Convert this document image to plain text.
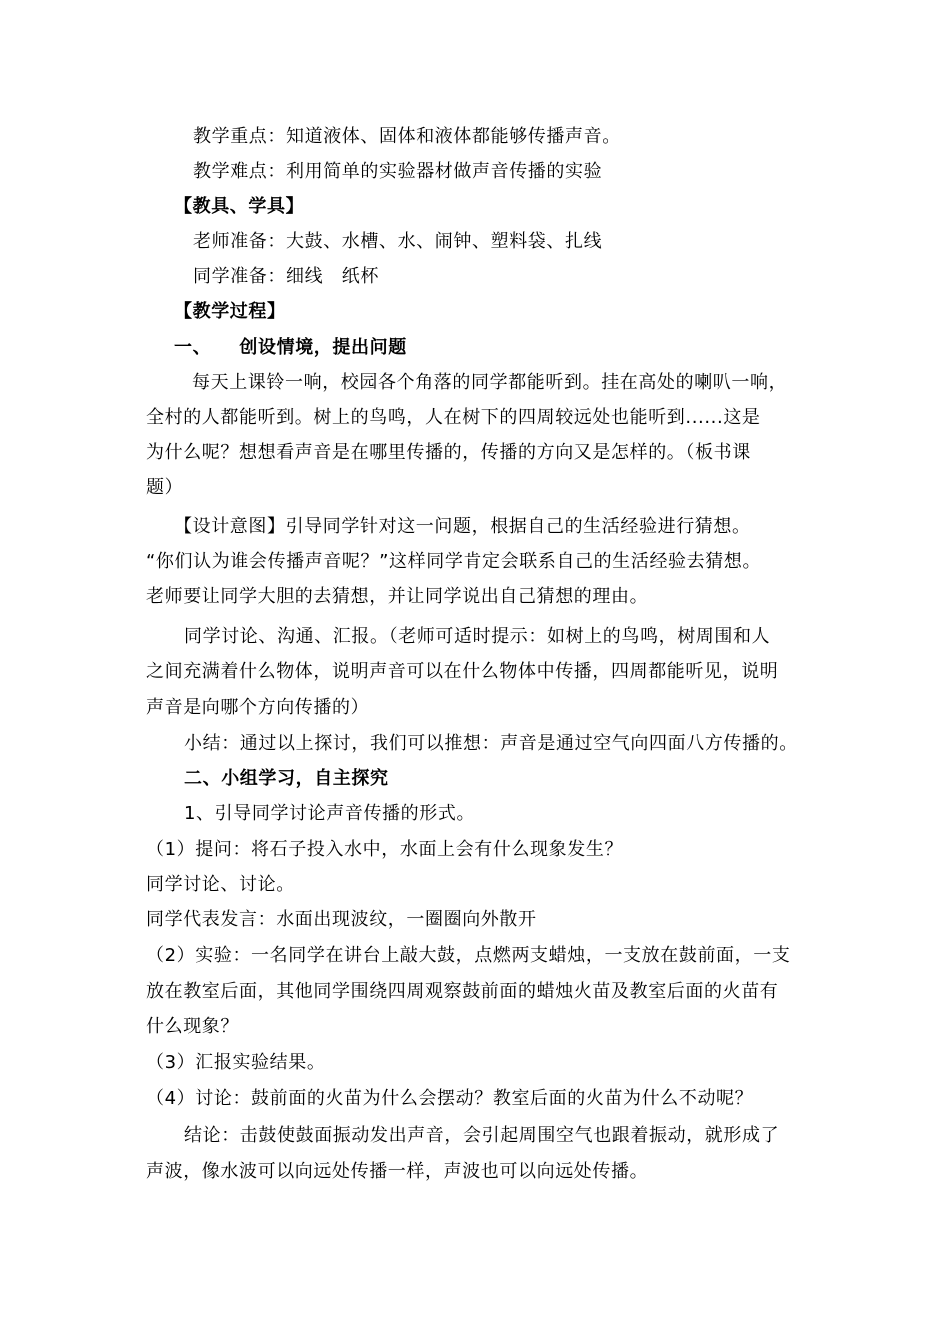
教学重点：知道液体、固体和液体都能够传播声音。
教学难点：利用简单的实验器材做声音传播的实验
【教具、学具】
老师准备：大鼓、水槽、水、闹钟、塑料袋、扎线
同学准备：细线　纸杯
【教学过程】
一、　　创设情境，提出问题
每天上课铃一响，校园各个角落的同学都能听到。挂在高处的喇叭一响，
全村的人都能听到。树上的鸟鸣，人在树下的四周较远处也能听到......这是
为什么呢？想想看声音是在哪里传播的，传播的方向又是怎样的。（板书课
题）
【设计意图】引导同学针对这一问题，根据自己的生活经验进行猜想。
“你们认为谁会传播声音呢？”这样同学肯定会联系自己的生活经验去猜想。
老师要让同学大胆的去猜想，并让同学说出自己猜想的理由。
同学讨论、沟通、汇报。（老师可适时提示：如树上的鸟鸣，树周围和人
之间充满着什么物体，说明声音可以在什么物体中传播，四周都能听见，说明
声音是向哪个方向传播的）
小结：通过以上探讨，我们可以推想：声音是通过空气向四面八方传播的。
二、小组学习，自主探究
1、引导同学讨论声音传播的形式。
（1）提问：将石子投入水中，水面上会有什么现象发生？
同学讨论、讨论。
同学代表发言：水面出现波纹，一圈圈向外散开
（2）实验：一名同学在讲台上敲大鼓，点燃两支蜡烛，一支放在鼓前面，一支
放在教室后面，其他同学围绕四周观察鼓前面的蜡烛火苗及教室后面的火苗有
什么现象？
（3）汇报实验结果。
（4）讨论：鼓前面的火苗为什么会摆动？教室后面的火苗为什么不动呢？
结论：击鼓使鼓面振动发出声音，会引起周围空气也跟着振动，就形成了
声波，像水波可以向远处传播一样，声波也可以向远处传播。
